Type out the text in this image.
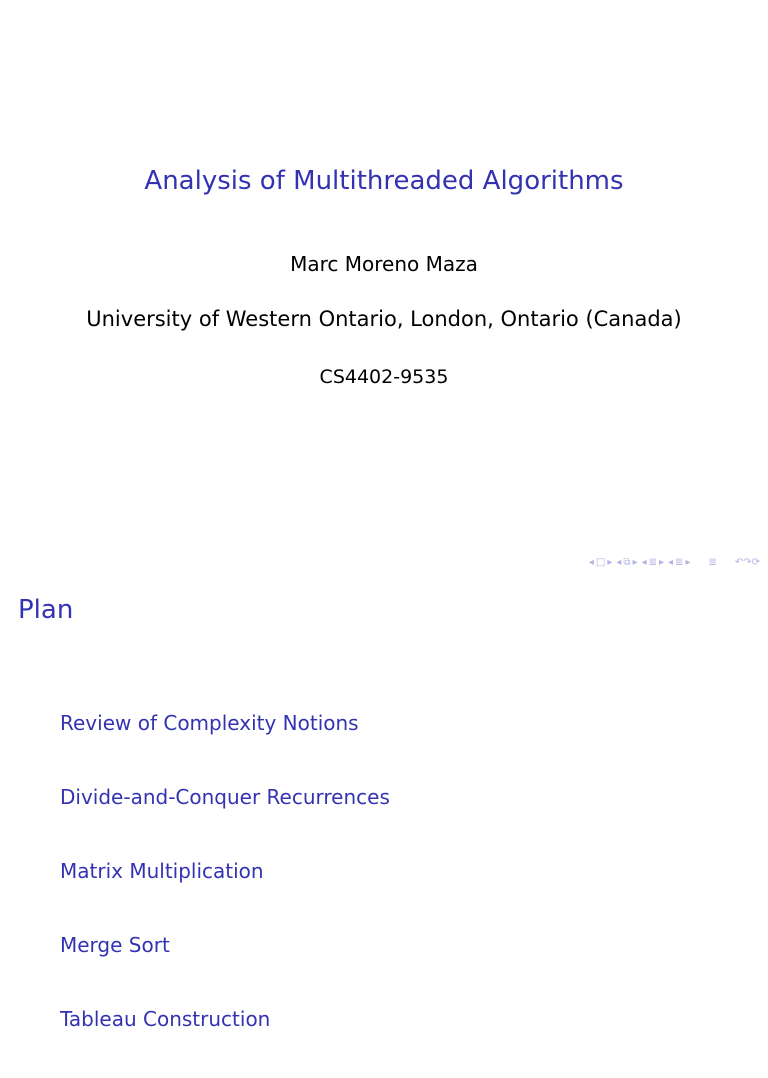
Analysis of Multithreaded Algorithms
Marc Moreno Maza
University of Western Ontario, London, Ontario (Canada)
CS4402-9535
◂ □ ▸ ◂ ⧉ ▸ ◂ ≣ ▸ ◂ ≣ ▸ ≣ ↶↷⟳
Plan
Review of Complexity Notions
Divide-and-Conquer Recurrences
Matrix Multiplication
Merge Sort
Tableau Construction
